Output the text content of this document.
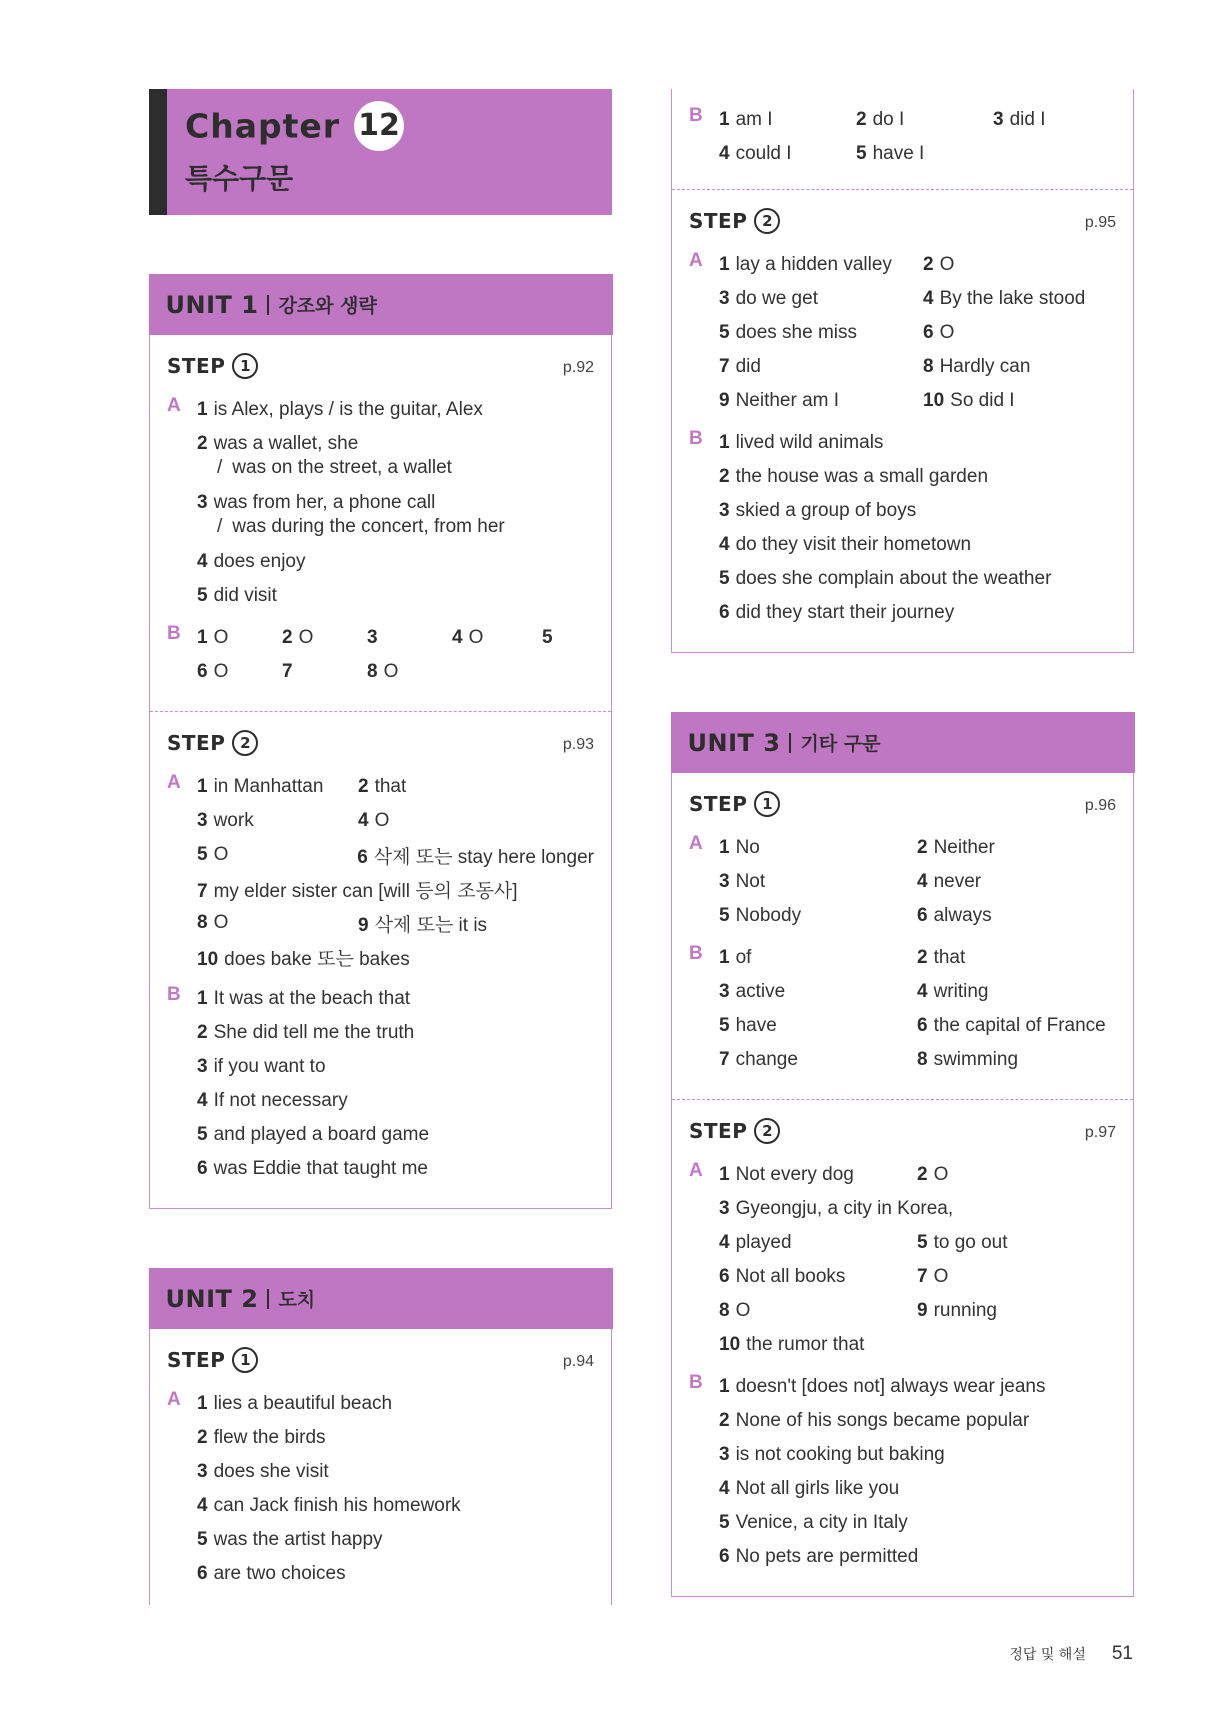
Chapter 12
특수구문
UNIT 1 강조와 생략
STEP 1	p.92
A 1 is Alex, plays / is the guitar, Alex
2 was a wallet, she
/ was on the street, a wallet
3 was from her, a phone call
/ was during the concert, from her
4 does enjoy
5 did visit
B 1 O	2 O	3	4 O	5
6 O	7	8 O
STEP 2	p.93
A 1 in Manhattan	2 that
3 work	4 O
5 O	6 삭제 또는 stay here longer
7 my elder sister can [will 등의 조동사]
8 O	9 삭제 또는 it is
10 does bake 또는 bakes
B 1 It was at the beach that
2 She did tell me the truth
3 if you want to
4 If not necessary
5 and played a board game
6 was Eddie that taught me
UNIT 2 도치
STEP 1	p.94
A 1 lies a beautiful beach
2 flew the birds
3 does she visit
4 can Jack finish his homework
5 was the artist happy
6 are two choices
B 1 am I	2 do I	3 did I
4 could I	5 have I
STEP 2	p.95
A 1 lay a hidden valley	2 O
3 do we get	4 By the lake stood
5 does she miss	6 O
7 did	8 Hardly can
9 Neither am I	10 So did I
B 1 lived wild animals
2 the house was a small garden
3 skied a group of boys
4 do they visit their hometown
5 does she complain about the weather
6 did they start their journey
UNIT 3 기타 구문
STEP 1	p.96
A 1 No	2 Neither
3 Not	4 never
5 Nobody	6 always
B 1 of	2 that
3 active	4 writing
5 have	6 the capital of France
7 change	8 swimming
STEP 2	p.97
A 1 Not every dog	2 O
3 Gyeongju, a city in Korea,
4 played	5 to go out
6 Not all books	7 O
8 O	9 running
10 the rumor that
B 1 doesn't [does not] always wear jeans
2 None of his songs became popular
3 is not cooking but baking
4 Not all girls like you
5 Venice, a city in Italy
6 No pets are permitted
정답 및 해설 51
